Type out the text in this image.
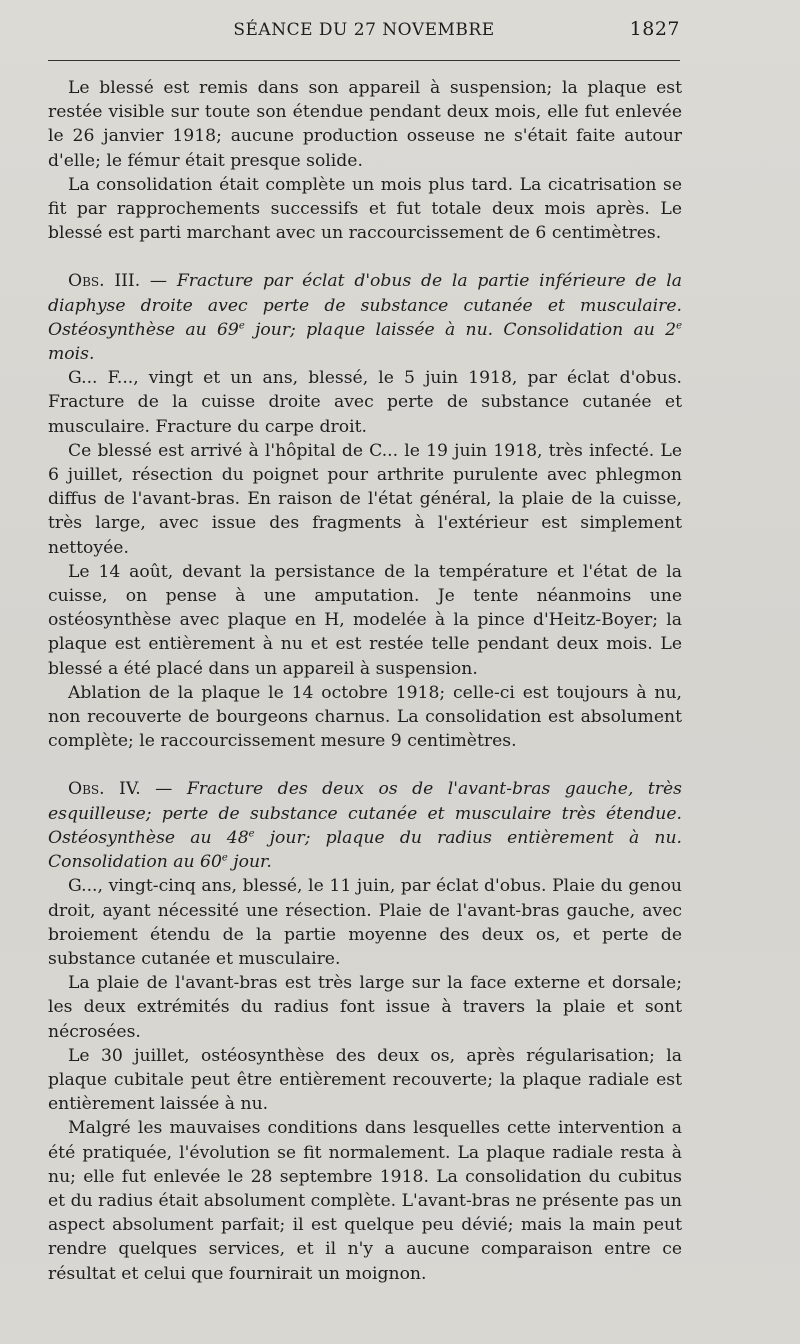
SÉANCE DU 27 NOVEMBRE	1827

Le blessé est remis dans son appareil à suspension; la plaque est restée visible sur toute son étendue pendant deux mois, elle fut enlevée le 26 janvier 1918; aucune production osseuse ne s'était faite autour d'elle; le fémur était presque solide.

La consolidation était complète un mois plus tard. La cicatrisation se fit par rapprochements successifs et fut totale deux mois après. Le blessé est parti marchant avec un raccourcissement de 6 centimètres.

Obs. III. — Fracture par éclat d'obus de la partie inférieure de la diaphyse droite avec perte de substance cutanée et musculaire. Ostéosynthèse au 69e jour; plaque laissée à nu. Consolidation au 2e mois.

G... F..., vingt et un ans, blessé, le 5 juin 1918, par éclat d'obus. Fracture de la cuisse droite avec perte de substance cutanée et musculaire. Fracture du carpe droit.

Ce blessé est arrivé à l'hôpital de C... le 19 juin 1918, très infecté. Le 6 juillet, résection du poignet pour arthrite purulente avec phlegmon diffus de l'avant-bras. En raison de l'état général, la plaie de la cuisse, très large, avec issue des fragments à l'extérieur est simplement nettoyée.

Le 14 août, devant la persistance de la température et l'état de la cuisse, on pense à une amputation. Je tente néanmoins une ostéosynthèse avec plaque en H, modelée à la pince d'Heitz-Boyer; la plaque est entièrement à nu et est restée telle pendant deux mois. Le blessé a été placé dans un appareil à suspension.

Ablation de la plaque le 14 octobre 1918; celle-ci est toujours à nu, non recouverte de bourgeons charnus. La consolidation est absolument complète; le raccourcissement mesure 9 centimètres.

Obs. IV. — Fracture des deux os de l'avant-bras gauche, très esquilleuse; perte de substance cutanée et musculaire très étendue. Ostéosynthèse au 48e jour; plaque du radius entièrement à nu. Consolidation au 60e jour.

G..., vingt-cinq ans, blessé, le 11 juin, par éclat d'obus. Plaie du genou droit, ayant nécessité une résection. Plaie de l'avant-bras gauche, avec broiement étendu de la partie moyenne des deux os, et perte de substance cutanée et musculaire.

La plaie de l'avant-bras est très large sur la face externe et dorsale; les deux extrémités du radius font issue à travers la plaie et sont nécrosées.

Le 30 juillet, ostéosynthèse des deux os, après régularisation; la plaque cubitale peut être entièrement recouverte; la plaque radiale est entièrement laissée à nu.

Malgré les mauvaises conditions dans lesquelles cette intervention a été pratiquée, l'évolution se fit normalement. La plaque radiale resta à nu; elle fut enlevée le 28 septembre 1918. La consolidation du cubitus et du radius était absolument complète. L'avant-bras ne présente pas un aspect absolument parfait; il est quelque peu dévié; mais la main peut rendre quelques services, et il n'y a aucune comparaison entre ce résultat et celui que fournirait un moignon.
